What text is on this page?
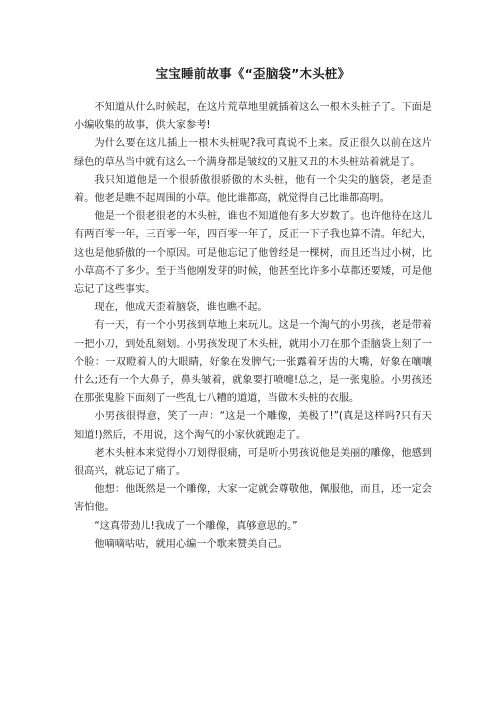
宝宝睡前故事《“歪脑袋”木头桩》

不知道从什么时候起，在这片荒草地里就插着这么一根木头桩子了。下面是小编收集的故事，供大家参考!

为什么要在这儿插上一根木头桩呢?我可真说不上来。反正很久以前在这片绿色的草丛当中就有这么一个满身都是皱纹的又脏又丑的木头桩站着就是了。

我只知道他是一个很骄傲很骄傲的木头桩，他有一个尖尖的脑袋，老是歪着。他老是瞧不起周围的小草。他比谁都高，就觉得自己比谁都高明。

他是一个很老很老的木头桩，谁也不知道他有多大岁数了。也许他待在这儿有两百零一年，三百零一年，四百零一年了，反正一下子我也算不清。年纪大，这也是他骄傲的一个原因。可是他忘记了他曾经是一棵树，而且还当过小树，比小草高不了多少。至于当他刚发芽的时候，他甚至比许多小草都还要矮，可是他忘记了这些事实。

现在，他成天歪着脑袋，谁也瞧不起。

有一天，有一个小男孩到草地上来玩儿。这是一个淘气的小男孩，老是带着一把小刀，到处乱刻划。小男孩发现了木头桩，就用小刀在那个歪脑袋上刻了一个脸：一双瞪着人的大眼睛，好象在发脾气;一张露着牙齿的大嘴，好象在嚷嚷什么;还有一个大鼻子，鼻头皱着，就象要打喷嚏!总之，是一张鬼脸。小男孩还在那张鬼脸下面刻了一些乱七八糟的道道，当做木头桩的衣服。

小男孩很得意，笑了一声：“这是一个雕像，美极了!”(真是这样吗?只有天知道!)然后，不用说，这个淘气的小家伙就跑走了。

老木头桩本来觉得小刀划得很痛，可是听小男孩说他是美丽的雕像，他感到很高兴，就忘记了痛了。

他想：他既然是一个雕像，大家一定就会尊敬他，佩服他，而且，还一定会害怕他。

“这真带劲儿!我成了一个雕像，真够意思的。”

他嘀嘀咕咕，就用心编一个歌来赞美自己。
